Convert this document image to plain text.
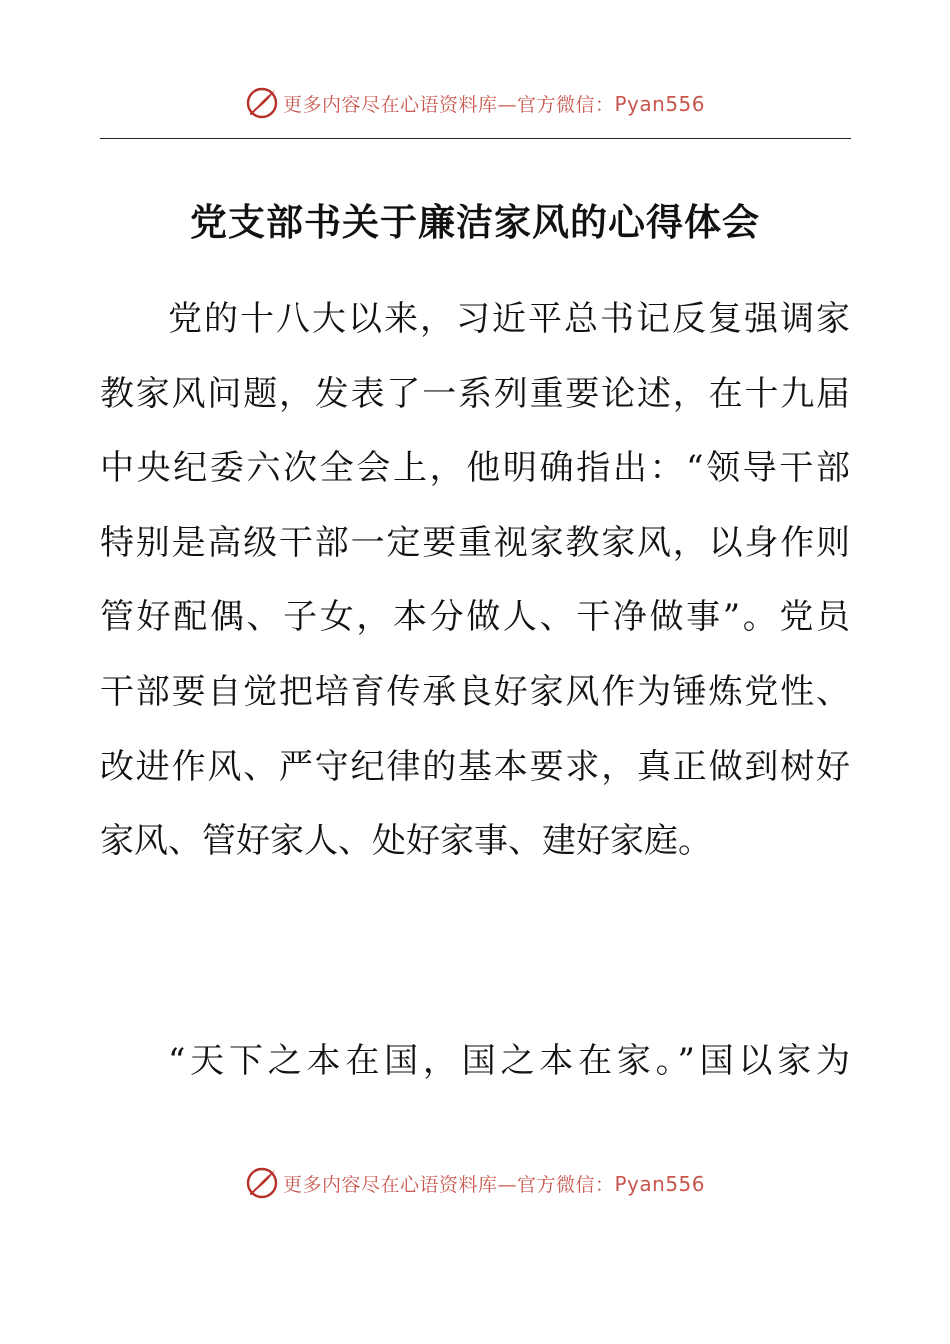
更多内容尽在心语资料库—官方微信：Pyan556
党支部书关于廉洁家风的心得体会

党的十八大以来，习近平总书记反复强调家

教家风问题，发表了一系列重要论述，在十九届

中央纪委六次全会上，他明确指出：“领导干部

特别是高级干部一定要重视家教家风，以身作则

管好配偶、子女，本分做人、干净做事”。党员

干部要自觉把培育传承良好家风作为锤炼党性、

改进作风、严守纪律的基本要求，真正做到树好

家风、管好家人、处好家事、建好家庭。

“天下之本在国，国之本在家。”国以家为

更多内容尽在心语资料库—官方微信：Pyan556
